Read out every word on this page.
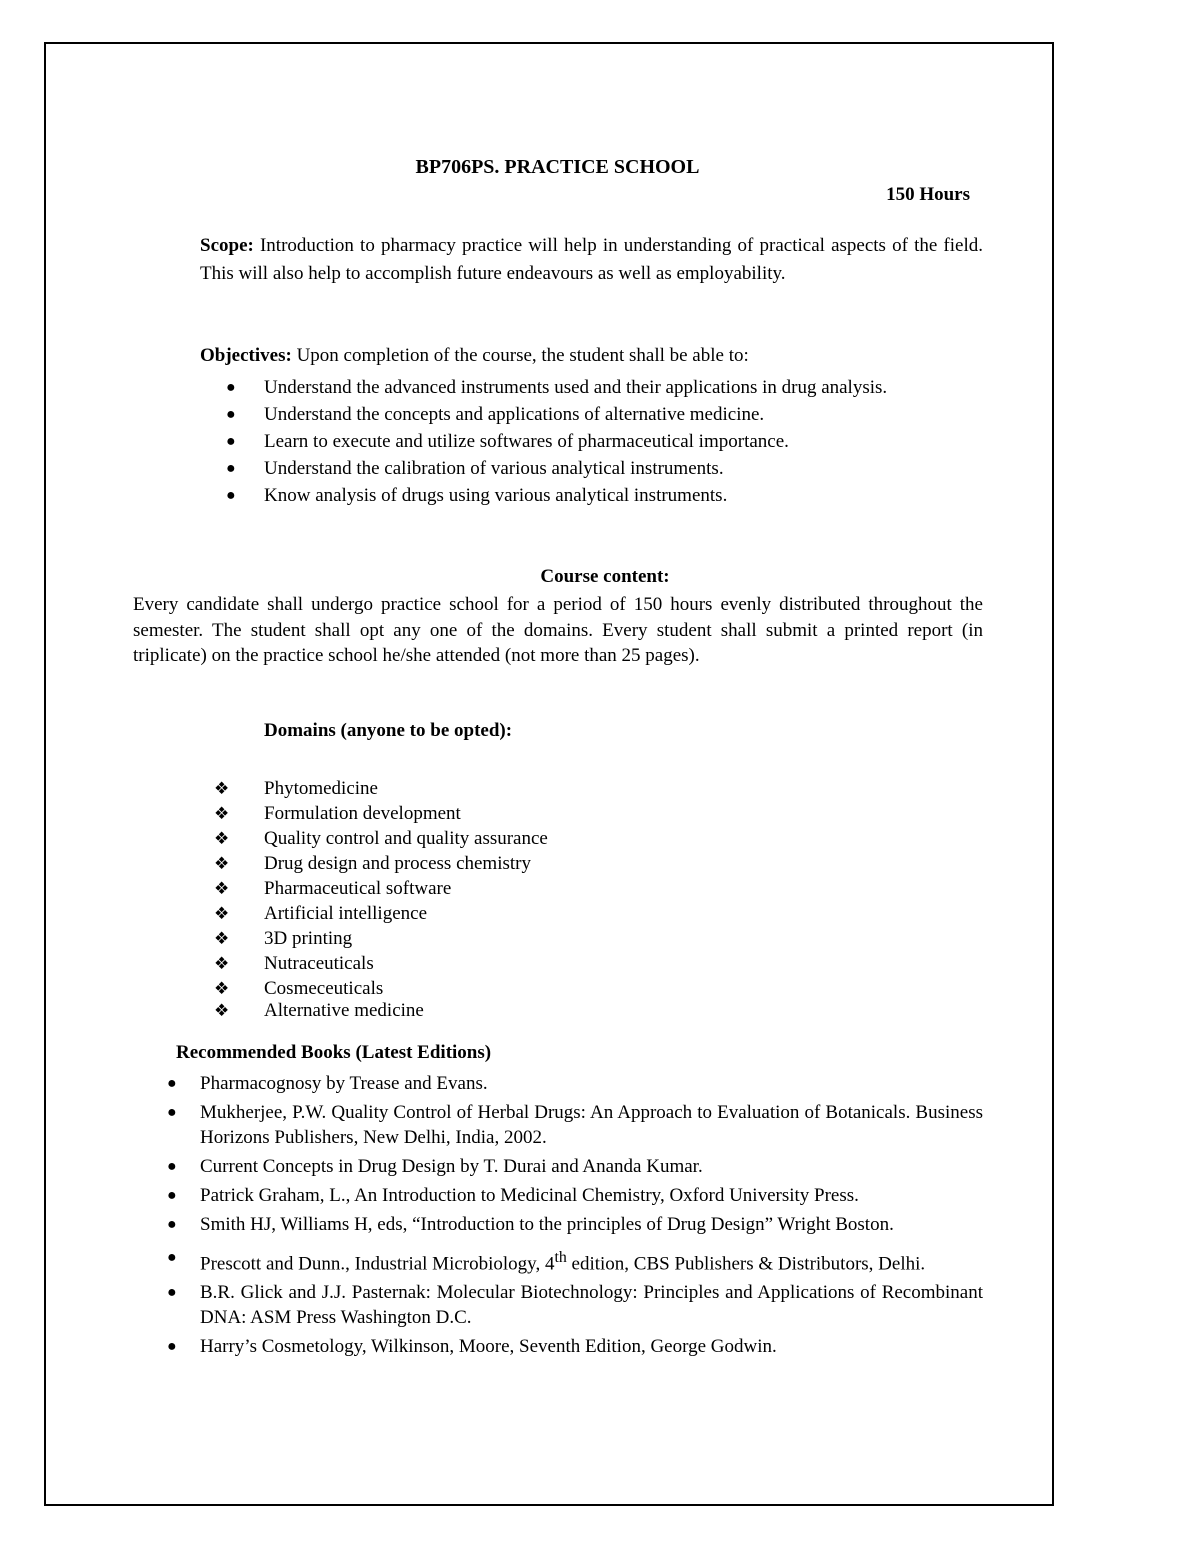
BP706PS. PRACTICE SCHOOL
150 Hours

Scope: Introduction to pharmacy practice will help in understanding of practical aspects of the field. This will also help to accomplish future endeavours as well as employability.

Objectives: Upon completion of the course, the student shall be able to:

● Understand the advanced instruments used and their applications in drug analysis.
● Understand the concepts and applications of alternative medicine.
● Learn to execute and utilize softwares of pharmaceutical importance.
● Understand the calibration of various analytical instruments.
● Know analysis of drugs using various analytical instruments.
Course content:

Every candidate shall undergo practice school for a period of 150 hours evenly distributed throughout the semester. The student shall opt any one of the domains. Every student shall submit a printed report (in triplicate) on the practice school he/she attended (not more than 25 pages).

Domains (anyone to be opted):
❖ Phytomedicine
❖ Formulation development
❖ Quality control and quality assurance
❖ Drug design and process chemistry
❖ Pharmaceutical software
❖ Artificial intelligence
❖ 3D printing
❖ Nutraceuticals
❖ Cosmeceuticals
❖ Alternative medicine
Recommended Books (Latest Editions)
● Pharmacognosy by Trease and Evans.
● Mukherjee, P.W. Quality Control of Herbal Drugs: An Approach to Evaluation of Botanicals. Business Horizons Publishers, New Delhi, India, 2002.
● Current Concepts in Drug Design by T. Durai and Ananda Kumar.
● Patrick Graham, L., An Introduction to Medicinal Chemistry, Oxford University Press.
● Smith HJ, Williams H, eds, “Introduction to the principles of Drug Design” Wright Boston.
● Prescott and Dunn., Industrial Microbiology, 4th edition, CBS Publishers & Distributors, Delhi.
● B.R. Glick and J.J. Pasternak: Molecular Biotechnology: Principles and Applications of Recombinant DNA: ASM Press Washington D.C.
● Harry’s Cosmetology, Wilkinson, Moore, Seventh Edition, George Godwin.
